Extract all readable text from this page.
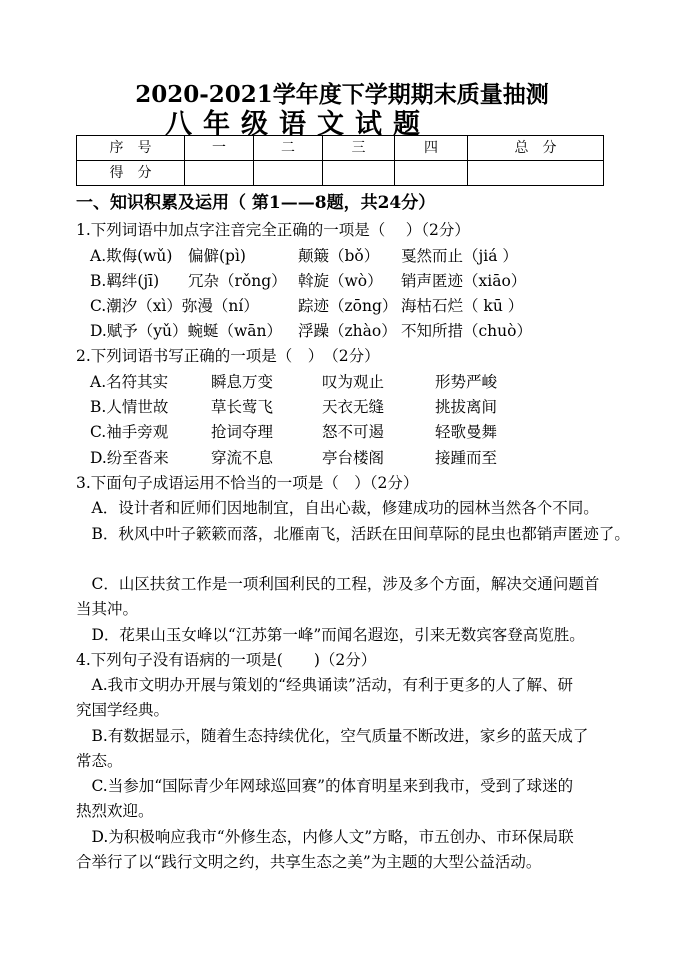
2020-2021学年度下学期期末质量抽测
八年级语文试题
序　号	一	二	三	四	总　分
得　分					
一、知识积累及运用（ 第1——8题，共24分）
1.下列词语中加点字注音完全正确的一项是（　 ）（2分）
A.欺侮(wǔ) 偏僻(pì)	颠簸（bǒ） 戛然而止（jiá ）
B.羁绊(jī) 冗杂（rǒng） 斡旋（wò） 销声匿迹（xiāo）
C.潮汐（xì）弥漫（ní）	踪迹（zōng） 海枯石烂（ kū ）
D.赋予（yǔ）蜿蜒（wān） 浮躁（zhào） 不知所措（chuò）
2.下列词语书写正确的一项是（　）　（2分）
A.名符其实	瞬息万变	叹为观止	形势严峻
B.人情世故	草长莺飞	天衣无缝	挑拔离间
C.袖手旁观	抢词夺理	怒不可遏	轻歌曼舞
D.纷至沓来	穿流不息	亭台楼阁	接踵而至
3.下面句子成语运用不恰当的一项是（　）（2分）
　A．设计者和匠师们因地制宜，自出心裁，修建成功的园林当然各个不同。
　B．秋风中叶子簌簌而落，北雁南飞，活跃在田间草际的昆虫也都销声匿迹了。
　C．山区扶贫工作是一项利国利民的工程，涉及多个方面，解决交通问题首
当其冲。
　D．花果山玉女峰以“江苏第一峰”而闻名遐迩，引来无数宾客登高览胜。
4.下列句子没有语病的一项是(　　)（2分）
　A.我市文明办开展与策划的“经典诵读”活动，有利于更多的人了解、研
究国学经典。
　B.有数据显示，随着生态持续优化，空气质量不断改进，家乡的蓝天成了
常态。
　C.当参加“国际青少年网球巡回赛”的体育明星来到我市，受到了球迷的
热烈欢迎。
　D.为积极响应我市“外修生态，内修人文”方略，市五创办、市环保局联
合举行了以“践行文明之约，共享生态之美”为主题的大型公益活动。
